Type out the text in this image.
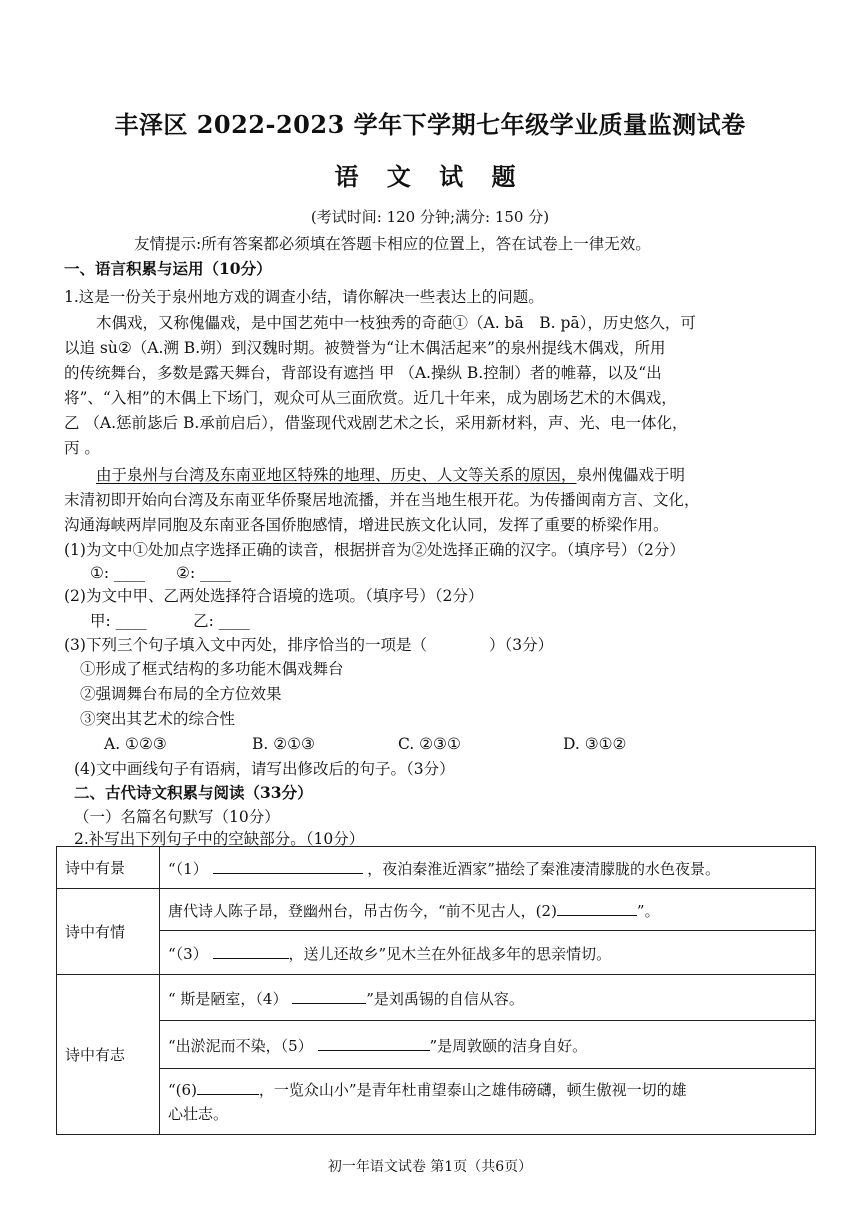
丰泽区 2022-2023 学年下学期七年级学业质量监测试卷
语 文 试 题
(考试时间: 120 分钟;满分: 150 分)
友情提示:所有答案都必须填在答题卡相应的位置上，答在试卷上一律无效。
一、语言积累与运用（10分）
1.这是一份关于泉州地方戏的调查小结，请你解决一些表达上的问题。
木偶戏，又称傀儡戏，是中国艺苑中一枝独秀的奇葩①（A. bā　B. pā），历史悠久，可
以追 sù②（A.溯 B.朔）到汉魏时期。被赞誉为“让木偶活起来”的泉州提线木偶戏，所用
的传统舞台，多数是露天舞台，背部设有遮挡 甲 （A.操纵 B.控制）者的帷幕，以及“出
将”、“入相”的木偶上下场门，观众可从三面欣赏。近几十年来，成为剧场艺术的木偶戏，
乙 （A.惩前毖后 B.承前启后），借鉴现代戏剧艺术之长，采用新材料，声、光、电一体化，
丙 。
由于泉州与台湾及东南亚地区特殊的地理、历史、人文等关系的原因，泉州傀儡戏于明
末清初即开始向台湾及东南亚华侨聚居地流播，并在当地生根开花。为传播闽南方言、文化，
沟通海峡两岸同胞及东南亚各国侨胞感情，增进民族文化认同，发挥了重要的桥梁作用。
(1)为文中①处加点字选择正确的读音，根据拼音为②处选择正确的汉字。（填序号）（2分）
①: ____　　②: ____
(2)为文中甲、乙两处选择符合语境的选项。（填序号）（2分）
甲: ____　　　乙: ____
(3)下列三个句子填入文中丙处，排序恰当的一项是（　　　　）（3分）
①形成了框式结构的多功能木偶戏舞台
②强调舞台布局的全方位效果
③突出其艺术的综合性
A. ①②③	B. ②①③	C. ②③①	D. ③①②
(4)文中画线句子有语病，请写出修改后的句子。（3分）
二、古代诗文积累与阅读（33分）
（一）名篇名句默写（10分）
2.补写出下列句子中的空缺部分。（10分）
诗中有景	“（1） ，夜泊秦淮近酒家”描绘了秦淮凄清朦胧的水色夜景。
诗中有情	唐代诗人陈子昂，登幽州台，吊古伤今，“前不见古人，(2) ”。
	“（3） ，送儿还故乡”见木兰在外征战多年的思亲情切。
诗中有志	“ 斯是陋室，（4） ”是刘禹锡的自信从容。
	“出淤泥而不染，（5） ”是周敦颐的洁身自好。
	“(6) ，一览众山小”是青年杜甫望泰山之雄伟磅礴，顿生傲视一切的雄
心壮志。
初一年语文试卷 第1页（共6页）
